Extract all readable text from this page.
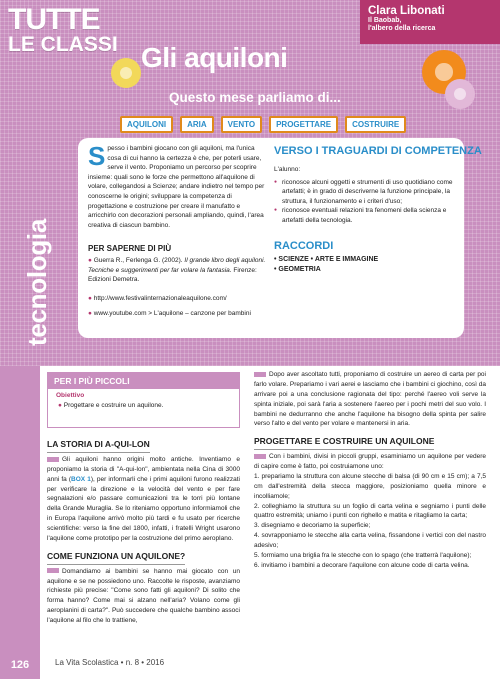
TUTTE
LE CLASSI Gli aquiloni
Clara Libonati
Il Baobab,
l'albero della ricerca
Questo mese parliamo di...
AQUILONI	ARIA	VENTO	PROGETTARE	COSTRUIRE
tecnologia
Spesso i bambini giocano con gli aquiloni, ma l'unica cosa di cui hanno la certezza è che, per poterli usare, serve il vento. Proponiamo un percorso per scoprire insieme: quali sono le forze che permettono all'aquilone di volare, collegandosi a Scienze; andare indietro nel tempo per conoscerne le origini; sviluppare la competenza di progettazione e costruzione per creare il manufatto e arricchirlo con decorazioni personali ampliando, quindi, l'area creativa di ciascun bambino.
PER SAPERNE DI PIÙ
● Guerra R., Ferlenga G. (2002). Il grande libro degli aquiloni. Tecniche e suggerimenti per far volare la fantasia. Firenze: Edizioni Demetra.
● http://www.festivalinternazionaleaquilone.com/
● www.youtube.com > L'aquilone – canzone per bambini
VERSO I TRAGUARDI DI COMPETENZA
L'alunno:
● riconosce alcuni oggetti e strumenti di uso quotidiano come artefatti; è in grado di descriverne la funzione principale, la struttura, il funzionamento e i criteri d'uso;
● riconosce eventuali relazioni tra fenomeni della scienza e artefatti della tecnologia.
RACCORDI
• SCIENZE • ARTE E IMMAGINE
• GEOMETRIA
PER I PIÙ PICCOLI
Obiettivo
● Progettare e costruire un aquilone.
LA STORIA DI A-QUI-LON
Gli aquiloni hanno origini molto antiche. Inventiamo e proponiamo la storia di "A-qui-lon", ambientata nella Cina di 3000 anni fa (BOX 1), per informarli che i primi aquiloni furono realizzati per verificare la direzione e la velocità del vento e per fare segnalazioni e/o passare comunicazioni tra le torri più lontane della Grande Muraglia. Se lo riteniamo opportuno informiamoli che in Europa l'aquilone arrivò molto più tardi e fu usato per ricerche scientifiche: verso la fine del 1800, infatti, i fratelli Wright usarono l'aquilone come prototipo per la costruzione del primo aeroplano.
COME FUNZIONA UN AQUILONE?
Domandiamo ai bambini se hanno mai giocato con un aquilone e se ne possiedono uno. Raccolte le risposte, avanziamo richieste più precise: "Come sono fatti gli aquiloni? Di solito che forma hanno? Come mai si alzano nell'aria? Volano come gli aeroplanini di carta?". Può succedere che qualche bambino associ l'aquilone al filo che lo trattiene,
Dopo aver ascoltato tutti, proponiamo di costruire un aereo di carta per poi farlo volare. Prepariamo i vari aerei e lasciamo che i bambini ci giochino, così da arrivare poi a una conclusione ragionata del tipo: perché l'aereo voli serve la spinta iniziale, poi sarà l'aria a sostenere l'aereo per i pochi metri del suo volo. I bambini ne dedurranno che anche l'aquilone ha bisogno della spinta per salire verso l'alto e del vento per volare e mantenersi in aria.
PROGETTARE E COSTRUIRE UN AQUILONE
Con i bambini, divisi in piccoli gruppi, esaminiamo un aquilone per vedere di capire come è fatto, poi costruiamone uno:
1. prepariamo la struttura con alcune stecche di balsa (di 90 cm e 15 cm); a 7,5 cm dall'estremità della stecca maggiore, posizioniamo quella minore e incolliamole;
2. colleghiamo la struttura su un foglio di carta velina e segniamo i punti delle quattro estremità; uniamo i punti con righello e matita e ritagliamo la carta;
3. disegniamo e decoriamo la superficie;
4. sovrapponiamo le stecche alla carta velina, fissandone i vertici con del nastro adesivo;
5. formiamo una briglia fra le stecche con lo spago (che tratterrà l'aquilone);
6. invitiamo i bambini a decorare l'aquilone con alcune code di carta velina.
126	La Vita Scolastica • n. 8 • 2016
